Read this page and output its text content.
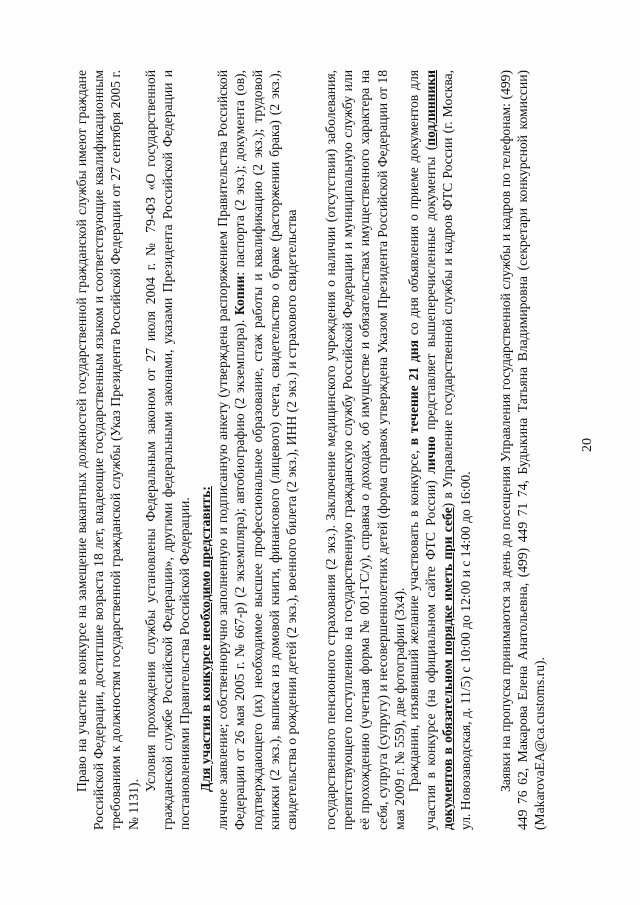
20

Право на участие в конкурсе на замещение вакантных должностей государственной гражданской службы имеют граждане Российской Федерации, достигшие возраста 18 лет, владеющие государственным языком и соответствующие квалификационным требованиям к должностям государственной гражданской службы (Указ Президента Российской Федерации от 27 сентября 2005 г. № 1131).

Условия прохождения службы установлены Федеральным законом от 27 июля 2004 г. № 79-ФЗ «О государственной гражданской службе Российской Федерации», другими федеральными законами, указами Президента Российской Федерации и постановлениями Правительства Российской Федерации. Для участия в конкурсе необходимо представить: личное заявление; собственноручно заполненную и подписанную анкету (утверждена распоряжением Правительства Российской Федерации от 26 мая 2005 г. № 667-р) (2 экземпляра); автобиографию (2 экземпляра). Копии: паспорта (2 экз.); документа (ов), подтверждающего (их) необходимое высшее профессиональное образование, стаж работы и квалификацию (2 экз.); трудовой книжки (2 экз.), выписка из домовой книги, финансового (лицевого) счета, свидетельство о браке (расторжении брака) (2 экз.), свидетельства о рождении детей (2 экз.), военного билета (2 экз.), ИНН (2 экз.) и страхового свидетельства государственного пенсионного страхования (2 экз.). Заключение медицинского учреждения о наличии (отсутствии) заболевания, препятствующего поступлению на государственную гражданскую службу Российской Федерации и муниципальную службу или её прохождению (учетная форма № 001-ГС/у), справка о доходах, об имуществе и обязательствах имущественного характера на себя, супруга (супругу) и несовершеннолетних детей (форма справок утверждена Указом Президента Российской Федерации от 18 мая 2009 г. № 559), две фотографии (3х4). Гражданин, изъявивший желание участвовать в конкурсе, в течение 21 дня со дня объявления о приеме документов для участия в конкурсе (на официальном сайте ФТС России) лично представляет вышеперечисленные документы (подлинники документов в обязательном порядке иметь при себе) в Управление государственной службы и кадров ФТС России (г. Москва, ул. Новозаводская, д. 11/5) с 10:00 до 12:00 и с 14:00 до 16:00. Заявки на пропуска принимаются за день до посещения Управления государственной службы и кадров по телефонам: (499) 449 76 62, Макарова Елена Анатольевна, (499) 449 71 74, Будыкина Татьяна Владимировна (секретари конкурсной комиссии) (MakarovaEA@ca.customs.ru).
